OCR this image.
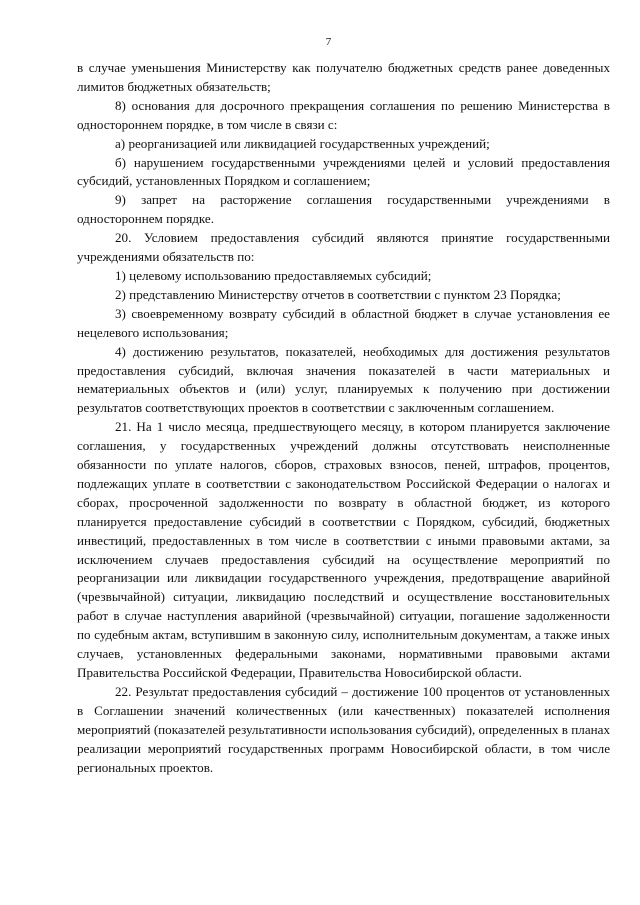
7

в случае уменьшения Министерству как получателю бюджетных средств ранее доведенных лимитов бюджетных обязательств;

8) основания для досрочного прекращения соглашения по решению Министерства в одностороннем порядке, в том числе в связи с:

а) реорганизацией или ликвидацией государственных учреждений;

б) нарушением государственными учреждениями целей и условий предоставления субсидий, установленных Порядком и соглашением;

9) запрет на расторжение соглашения государственными учреждениями в одностороннем порядке.

20. Условием предоставления субсидий являются принятие государственными учреждениями обязательств по:

1) целевому использованию предоставляемых субсидий;

2) представлению Министерству отчетов в соответствии с пунктом 23 Порядка;

3) своевременному возврату субсидий в областной бюджет в случае установления ее нецелевого использования;

4) достижению результатов, показателей, необходимых для достижения результатов предоставления субсидий, включая значения показателей в части материальных и нематериальных объектов и (или) услуг, планируемых к получению при достижении результатов соответствующих проектов в соответствии с заключенным соглашением.

21. На 1 число месяца, предшествующего месяцу, в котором планируется заключение соглашения, у государственных учреждений должны отсутствовать неисполненные обязанности по уплате налогов, сборов, страховых взносов, пеней, штрафов, процентов, подлежащих уплате в соответствии с законодательством Российской Федерации о налогах и сборах, просроченной задолженности по возврату в областной бюджет, из которого планируется предоставление субсидий в соответствии с Порядком, субсидий, бюджетных инвестиций, предоставленных в том числе в соответствии с иными правовыми актами, за исключением случаев предоставления субсидий на осуществление мероприятий по реорганизации или ликвидации государственного учреждения, предотвращение аварийной (чрезвычайной) ситуации, ликвидацию последствий и осуществление восстановительных работ в случае наступления аварийной (чрезвычайной) ситуации, погашение задолженности по судебным актам, вступившим в законную силу, исполнительным документам, а также иных случаев, установленных федеральными законами, нормативными правовыми актами Правительства Российской Федерации, Правительства Новосибирской области.

22. Результат предоставления субсидий – достижение 100 процентов от установленных в Соглашении значений количественных (или качественных) показателей исполнения мероприятий (показателей результативности использования субсидий), определенных в планах реализации мероприятий государственных программ Новосибирской области, в том числе региональных проектов.
